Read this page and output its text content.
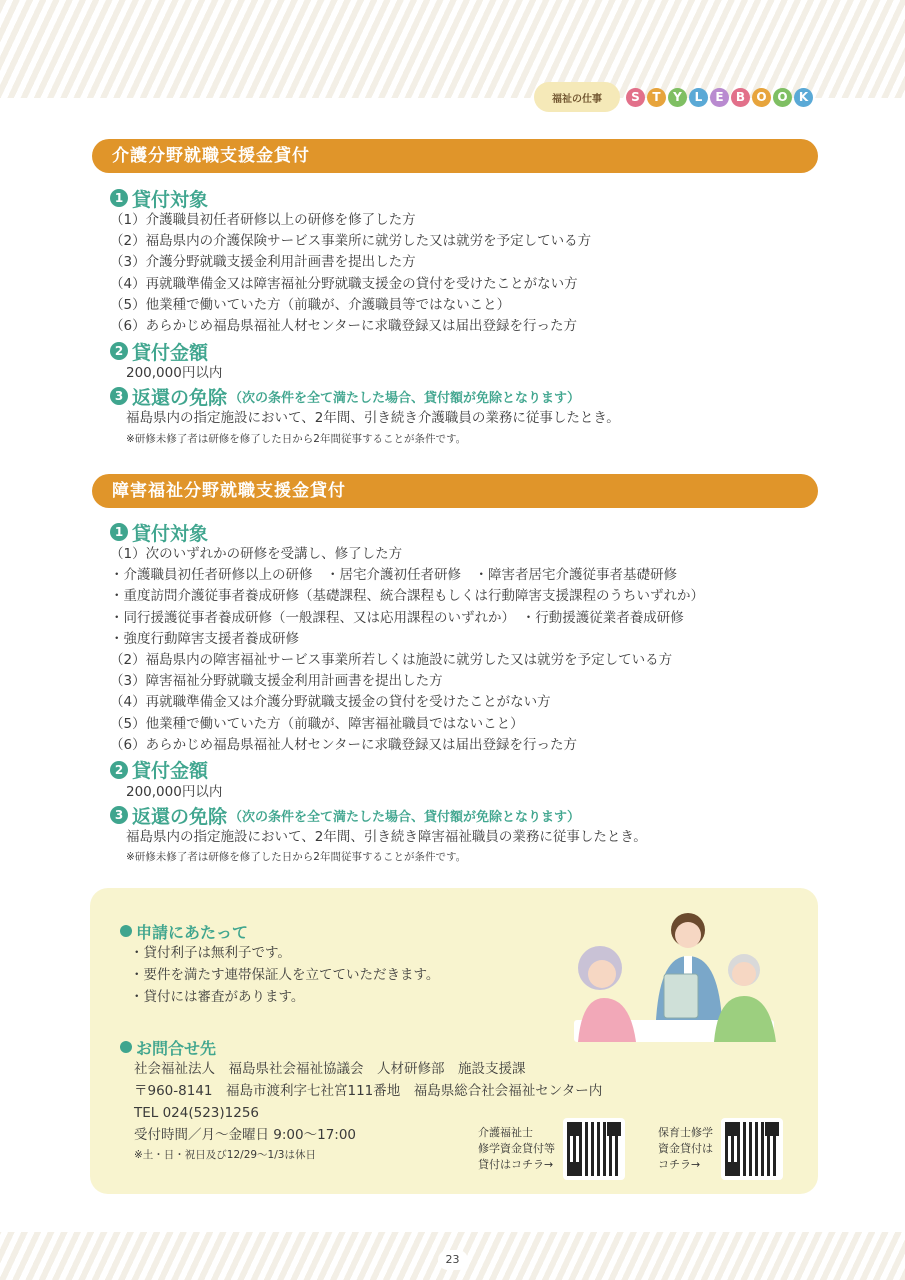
福祉の仕事	S	T	Y	L	E	B O O K
介護分野就職支援金貸付
1 貸付対象
（1）介護職員初任者研修以上の研修を修了した方
（2）福島県内の介護保険サービス事業所に就労した又は就労を予定している方
（3）介護分野就職支援金利用計画書を提出した方
（4）再就職準備金又は障害福祉分野就職支援金の貸付を受けたことがない方
（5）他業種で働いていた方（前職が、介護職員等ではないこと）
（6）あらかじめ福島県福祉人材センターに求職登録又は届出登録を行った方
2 貸付金額
200,000円以内
3 返還の免除 （次の条件を全て満たした場合、貸付額が免除となります）
福島県内の指定施設において、2年間、引き続き介護職員の業務に従事したとき。
※研修未修了者は研修を修了した日から2年間従事することが条件です。
障害福祉分野就職支援金貸付
1 貸付対象
（1）次のいずれかの研修を受講し、修了した方
・介護職員初任者研修以上の研修　・居宅介護初任者研修　・障害者居宅介護従事者基礎研修
・重度訪問介護従事者養成研修（基礎課程、統合課程もしくは行動障害支援課程のうちいずれか）
・同行援護従事者養成研修（一般課程、又は応用課程のいずれか）　・行動援護従業者養成研修
・強度行動障害支援者養成研修
（2）福島県内の障害福祉サービス事業所若しくは施設に就労した又は就労を予定している方
（3）障害福祉分野就職支援金利用計画書を提出した方
（4）再就職準備金又は介護分野就職支援金の貸付を受けたことがない方
（5）他業種で働いていた方（前職が、障害福祉職員ではないこと）
（6）あらかじめ福島県福祉人材センターに求職登録又は届出登録を行った方
2 貸付金額
200,000円以内
3 返還の免除 （次の条件を全て満たした場合、貸付額が免除となります）
福島県内の指定施設において、2年間、引き続き障害福祉職員の業務に従事したとき。
※研修未修了者は研修を修了した日から2年間従事することが条件です。
申請にあたって
・貸付利子は無利子です。
・要件を満たす連帯保証人を立てていただきます。
・貸付には審査があります。
お問合せ先
社会福祉法人　福島県社会福祉協議会　人材研修部　施設支援課
〒960-8141　福島市渡利字七社宮111番地　福島県総合社会福祉センター内
TEL 024(523)1256
受付時間／月～金曜日 9:00～17:00
※土・日・祝日及び12/29～1/3は休日
介護福祉士
修学資金貸付等
貸付はコチラ→
保育士修学
資金貸付は
コチラ→
23
